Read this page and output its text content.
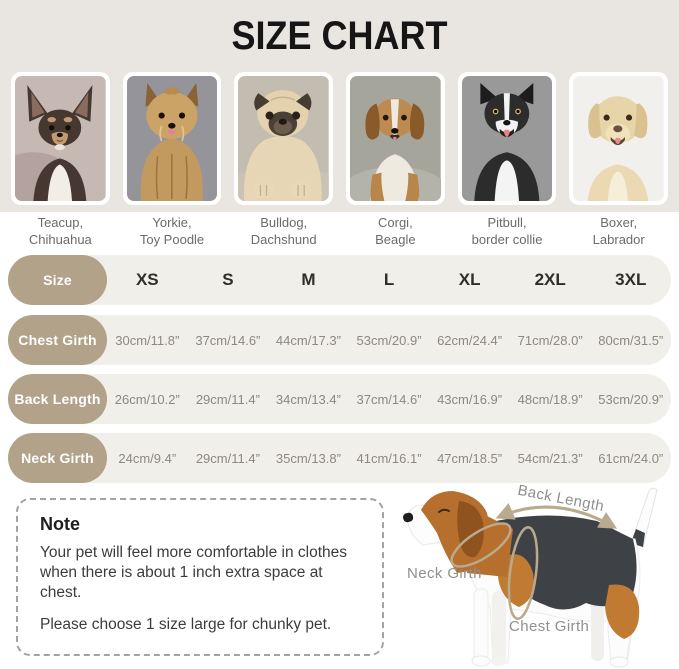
SIZE CHART
Teacup,
Chihuahua
Yorkie,
Toy Poodle
Bulldog,
Dachshund
Corgi,
Beagle
Pitbull,
border collie
Boxer,
Labrador
Size	XS	S	M	L	XL	2XL	3XL
Chest Girth	30cm/11.8”	37cm/14.6”	44cm/17.3”	53cm/20.9”	62cm/24.4”	71cm/28.0”	80cm/31.5”
Back Length	26cm/10.2”	29cm/11.4”	34cm/13.4”	37cm/14.6”	43cm/16.9”	48cm/18.9”	53cm/20.9”
Neck Girth	24cm/9.4”	29cm/11.4”	35cm/13.8”	41cm/16.1”	47cm/18.5”	54cm/21.3”	61cm/24.0”
Note

Your pet will feel more comfortable in clothes when there is about 1 inch extra space at chest.

Please choose 1 size large for chunky pet.

Back Length
Neck Girth
Chest Girth
